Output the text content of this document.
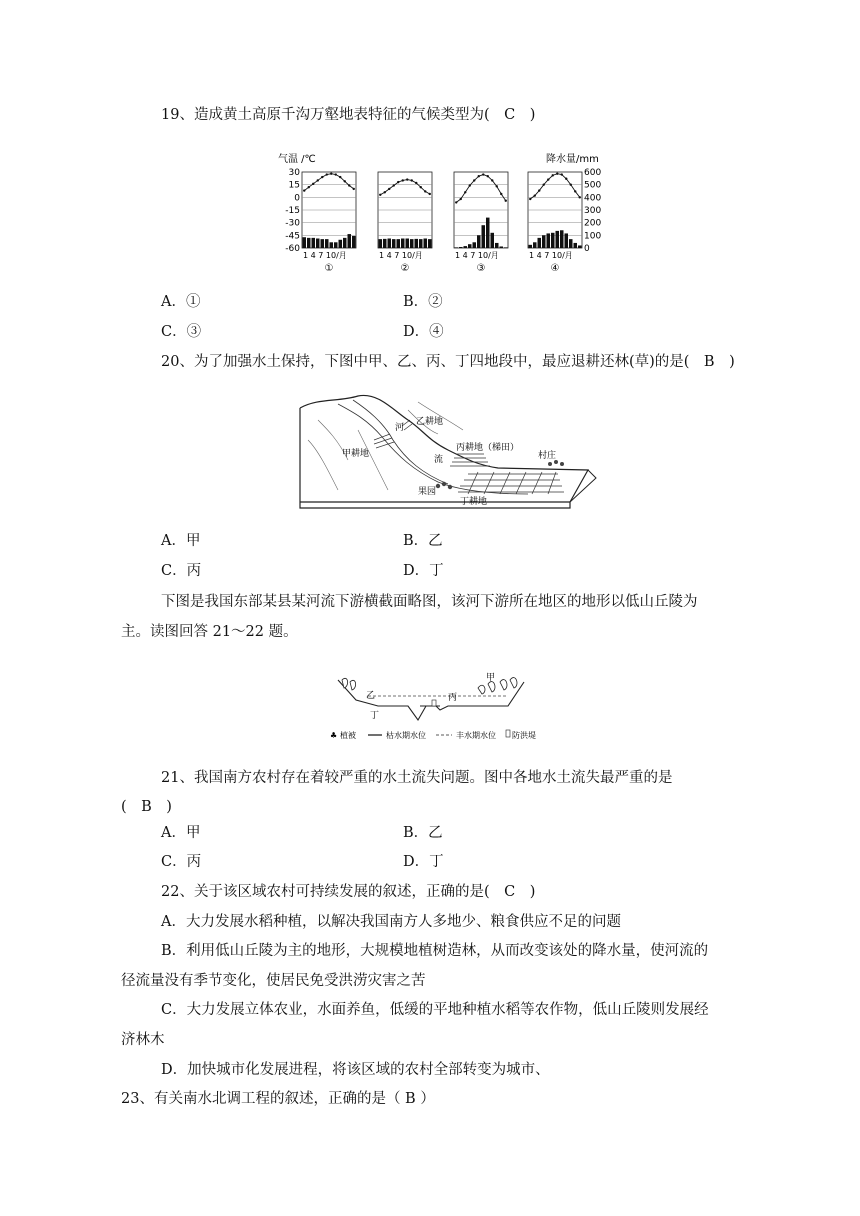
19、造成黄土高原千沟万壑地表特征的气候类型为(　C　)
气温 /℃	降水量/mm
30
15
0
-15
-30
-45
-60
600
500
400
300
200
100
0
1 4 7 10/月	1 4 7 10/月	1 4 7 10/月	1 4 7 10/月
①	②	③	④
A．①	B．②
C．③	D．④
20、为了加强水土保持，下图中甲、乙、丙、丁四地段中，最应退耕还林(草)的是(　B　)
甲耕地
乙耕地
丙耕地（梯田）
村庄
果园
丁耕地
河
流
A．甲	B．乙
C．丙	D．丁
下图是我国东部某县某河流下游横截面略图，该河下游所在地区的地形以低山丘陵为
主。读图回答 21～22 题。
甲
乙	丙
丁
♣ 植被	枯水期水位	丰水期水位 防洪堤
21、我国南方农村存在着较严重的水土流失问题。图中各地水土流失最严重的是
(　B　)
A．甲	B．乙
C．丙	D．丁
22、关于该区域农村可持续发展的叙述，正确的是(　C　)
A．大力发展水稻种植，以解决我国南方人多地少、粮食供应不足的问题
B．利用低山丘陵为主的地形，大规模地植树造林，从而改变该处的降水量，使河流的
径流量没有季节变化，使居民免受洪涝灾害之苦
C．大力发展立体农业，水面养鱼，低缓的平地种植水稻等农作物，低山丘陵则发展经
济林木
D．加快城市化发展进程，将该区域的农村全部转变为城市、
23、有关南水北调工程的叙述，正确的是（ B ）
